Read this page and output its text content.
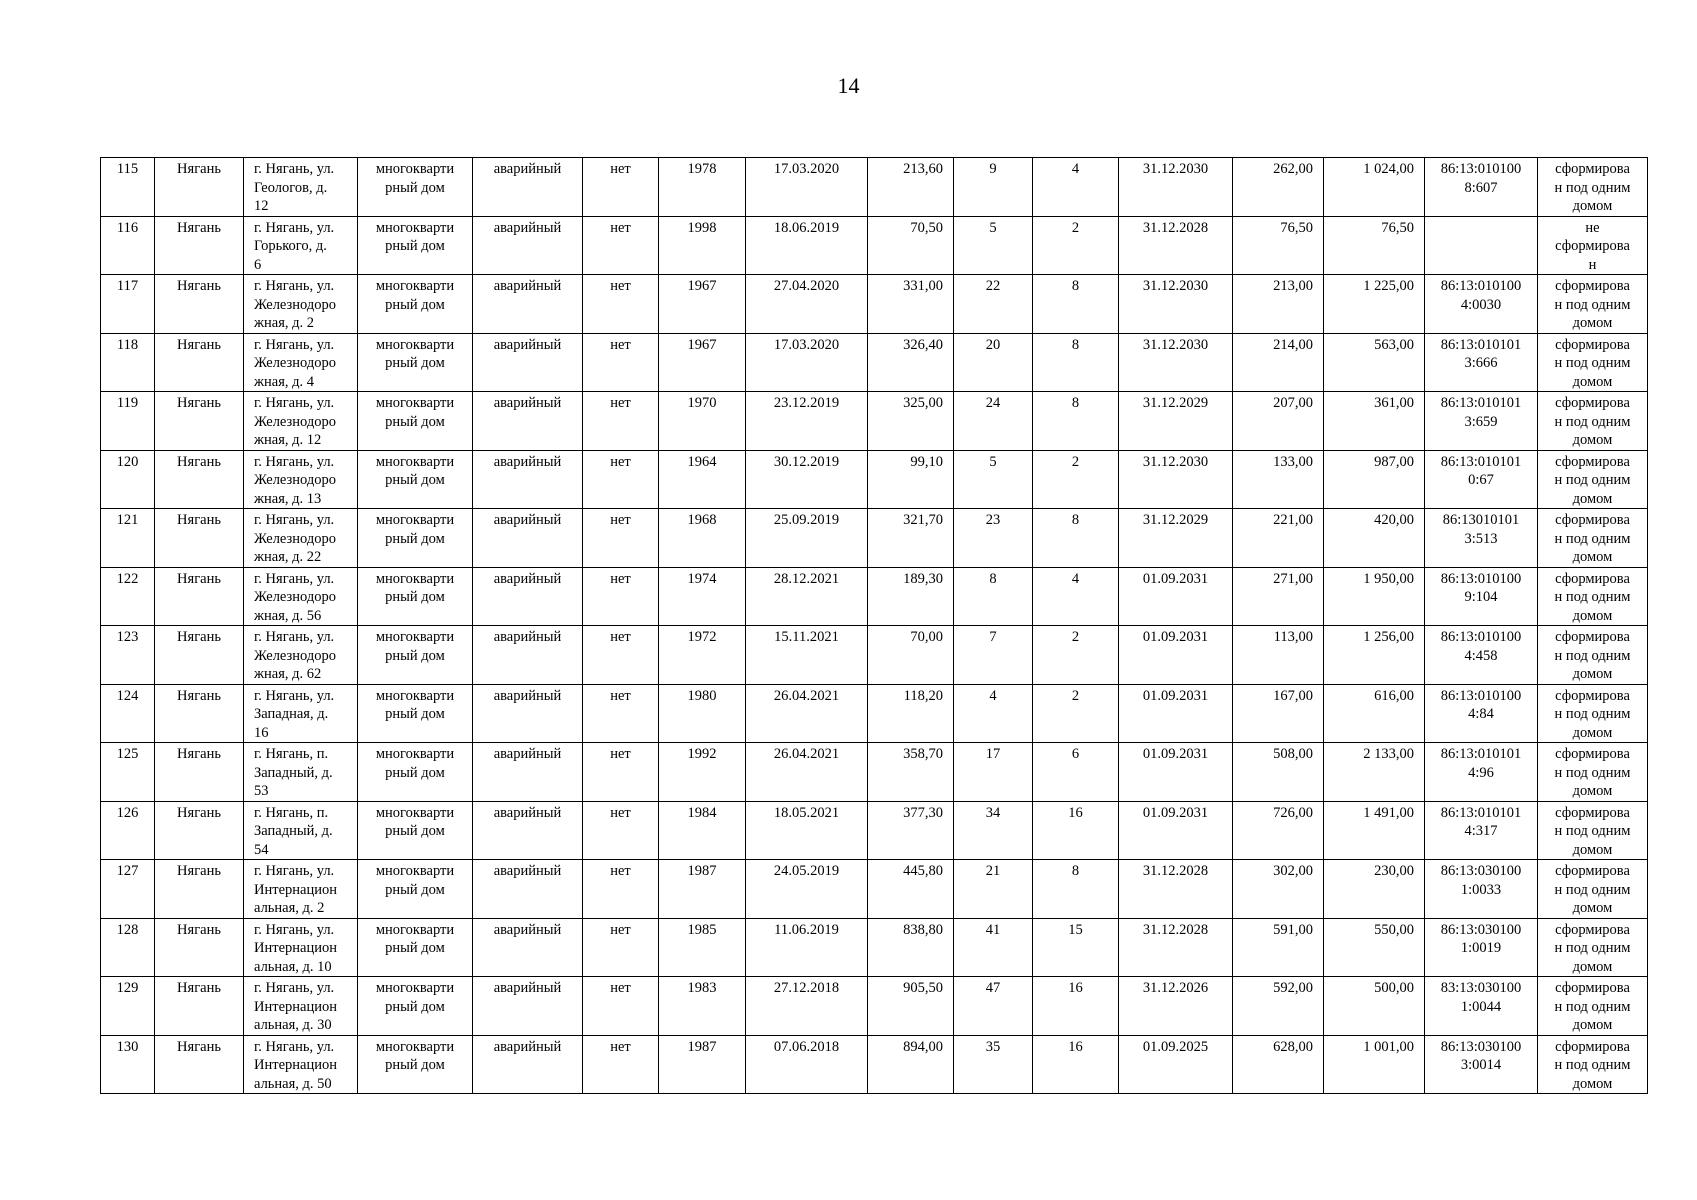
14
115	Нягань	г. Нягань, ул.
Геологов, д.
12	многокварти
рный дом	аварийный	нет	1978	17.03.2020	213,60	9	4	31.12.2030	262,00	1 024,00	86:13:010100
8:607	сформирова
н под одним
домом
116	Нягань	г. Нягань, ул.
Горького, д.
6	многокварти
рный дом	аварийный	нет	1998	18.06.2019	70,50	5	2	31.12.2028	76,50	76,50		не
сформирова
н
117	Нягань	г. Нягань, ул.
Железнодоро
жная, д. 2	многокварти
рный дом	аварийный	нет	1967	27.04.2020	331,00	22	8	31.12.2030	213,00	1 225,00	86:13:010100
4:0030	сформирова
н под одним
домом
118	Нягань	г. Нягань, ул.
Железнодоро
жная, д. 4	многокварти
рный дом	аварийный	нет	1967	17.03.2020	326,40	20	8	31.12.2030	214,00	563,00	86:13:010101
3:666	сформирова
н под одним
домом
119	Нягань	г. Нягань, ул.
Железнодоро
жная, д. 12	многокварти
рный дом	аварийный	нет	1970	23.12.2019	325,00	24	8	31.12.2029	207,00	361,00	86:13:010101
3:659	сформирова
н под одним
домом
120	Нягань	г. Нягань, ул.
Железнодоро
жная, д. 13	многокварти
рный дом	аварийный	нет	1964	30.12.2019	99,10	5	2	31.12.2030	133,00	987,00	86:13:010101
0:67	сформирова
н под одним
домом
121	Нягань	г. Нягань, ул.
Железнодоро
жная, д. 22	многокварти
рный дом	аварийный	нет	1968	25.09.2019	321,70	23	8	31.12.2029	221,00	420,00	86:13010101
3:513	сформирова
н под одним
домом
122	Нягань	г. Нягань, ул.
Железнодоро
жная, д. 56	многокварти
рный дом	аварийный	нет	1974	28.12.2021	189,30	8	4	01.09.2031	271,00	1 950,00	86:13:010100
9:104	сформирова
н под одним
домом
123	Нягань	г. Нягань, ул.
Железнодоро
жная, д. 62	многокварти
рный дом	аварийный	нет	1972	15.11.2021	70,00	7	2	01.09.2031	113,00	1 256,00	86:13:010100
4:458	сформирова
н под одним
домом
124	Нягань	г. Нягань, ул.
Западная, д.
16	многокварти
рный дом	аварийный	нет	1980	26.04.2021	118,20	4	2	01.09.2031	167,00	616,00	86:13:010100
4:84	сформирова
н под одним
домом
125	Нягань	г. Нягань, п.
Западный, д.
53	многокварти
рный дом	аварийный	нет	1992	26.04.2021	358,70	17	6	01.09.2031	508,00	2 133,00	86:13:010101
4:96	сформирова
н под одним
домом
126	Нягань	г. Нягань, п.
Западный, д.
54	многокварти
рный дом	аварийный	нет	1984	18.05.2021	377,30	34	16	01.09.2031	726,00	1 491,00	86:13:010101
4:317	сформирова
н под одним
домом
127	Нягань	г. Нягань, ул.
Интернацион
альная, д. 2	многокварти
рный дом	аварийный	нет	1987	24.05.2019	445,80	21	8	31.12.2028	302,00	230,00	86:13:030100
1:0033	сформирова
н под одним
домом
128	Нягань	г. Нягань, ул.
Интернацион
альная, д. 10	многокварти
рный дом	аварийный	нет	1985	11.06.2019	838,80	41	15	31.12.2028	591,00	550,00	86:13:030100
1:0019	сформирова
н под одним
домом
129	Нягань	г. Нягань, ул.
Интернацион
альная, д. 30	многокварти
рный дом	аварийный	нет	1983	27.12.2018	905,50	47	16	31.12.2026	592,00	500,00	83:13:030100
1:0044	сформирова
н под одним
домом
130	Нягань	г. Нягань, ул.
Интернацион
альная, д. 50	многокварти
рный дом	аварийный	нет	1987	07.06.2018	894,00	35	16	01.09.2025	628,00	1 001,00	86:13:030100
3:0014	сформирова
н под одним
домом
